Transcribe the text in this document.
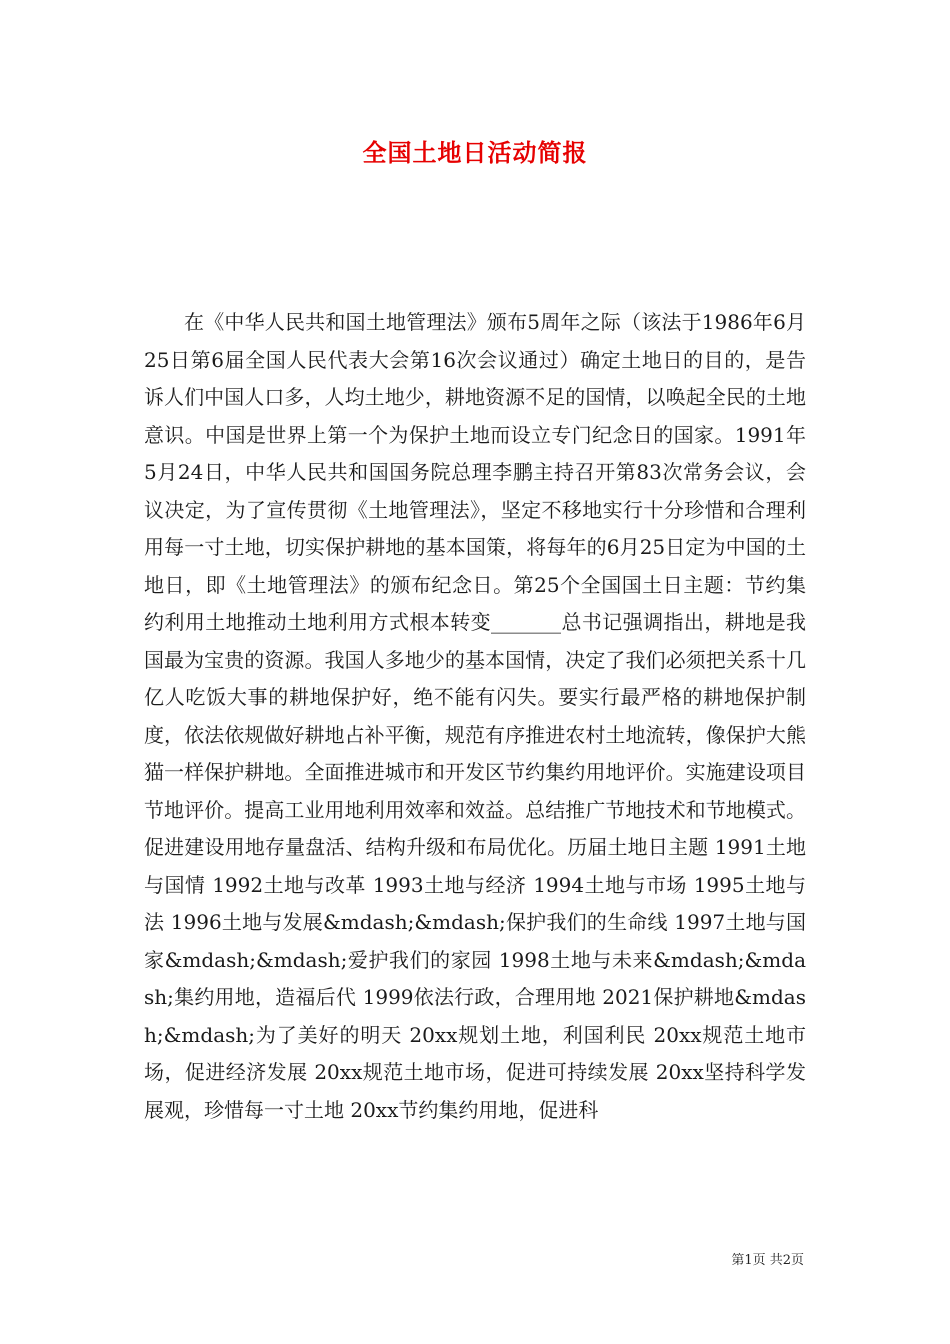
全国土地日活动简报

在《中华人民共和国土地管理法》颁布5周年之际（该法于1986年6月25日第6届全国人民代表大会第16次会议通过）确定土地日的目的，是告诉人们中国人口多，人均土地少，耕地资源不足的国情，以唤起全民的土地意识。中国是世界上第一个为保护土地而设立专门纪念日的国家。1991年5月24日，中华人民共和国国务院总理李鹏主持召开第83次常务会议，会议决定，为了宣传贯彻《土地管理法》，坚定不移地实行十分珍惜和合理利用每一寸土地，切实保护耕地的基本国策，将每年的6月25日定为中国的土地日，即《土地管理法》的颁布纪念日。第25个全国国土日主题：节约集约利用土地推动土地利用方式根本转变_______总书记强调指出，耕地是我国最为宝贵的资源。我国人多地少的基本国情，决定了我们必须把关系十几亿人吃饭大事的耕地保护好，绝不能有闪失。要实行最严格的耕地保护制度，依法依规做好耕地占补平衡，规范有序推进农村土地流转，像保护大熊猫一样保护耕地。全面推进城市和开发区节约集约用地评价。实施建设项目节地评价。提高工业用地利用效率和效益。总结推广节地技术和节地模式。促进建设用地存量盘活、结构升级和布局优化。历届土地日主题 1991土地与国情 1992土地与改革 1993土地与经济 1994土地与市场 1995土地与法 1996土地与发展&mdash;&mdash;保护我们的生命线 1997土地与国家&mdash;&mdash;爱护我们的家园 1998土地与未来&mdash;&mdash;集约用地，造福后代 1999依法行政，合理用地 2021保护耕地&mdash;&mdash;为了美好的明天 20xx规划土地，利国利民 20xx规范土地市场，促进经济发展 20xx规范土地市场，促进可持续发展 20xx坚持科学发展观，珍惜每一寸土地 20xx节约集约用地，促进科

第1页 共2页
